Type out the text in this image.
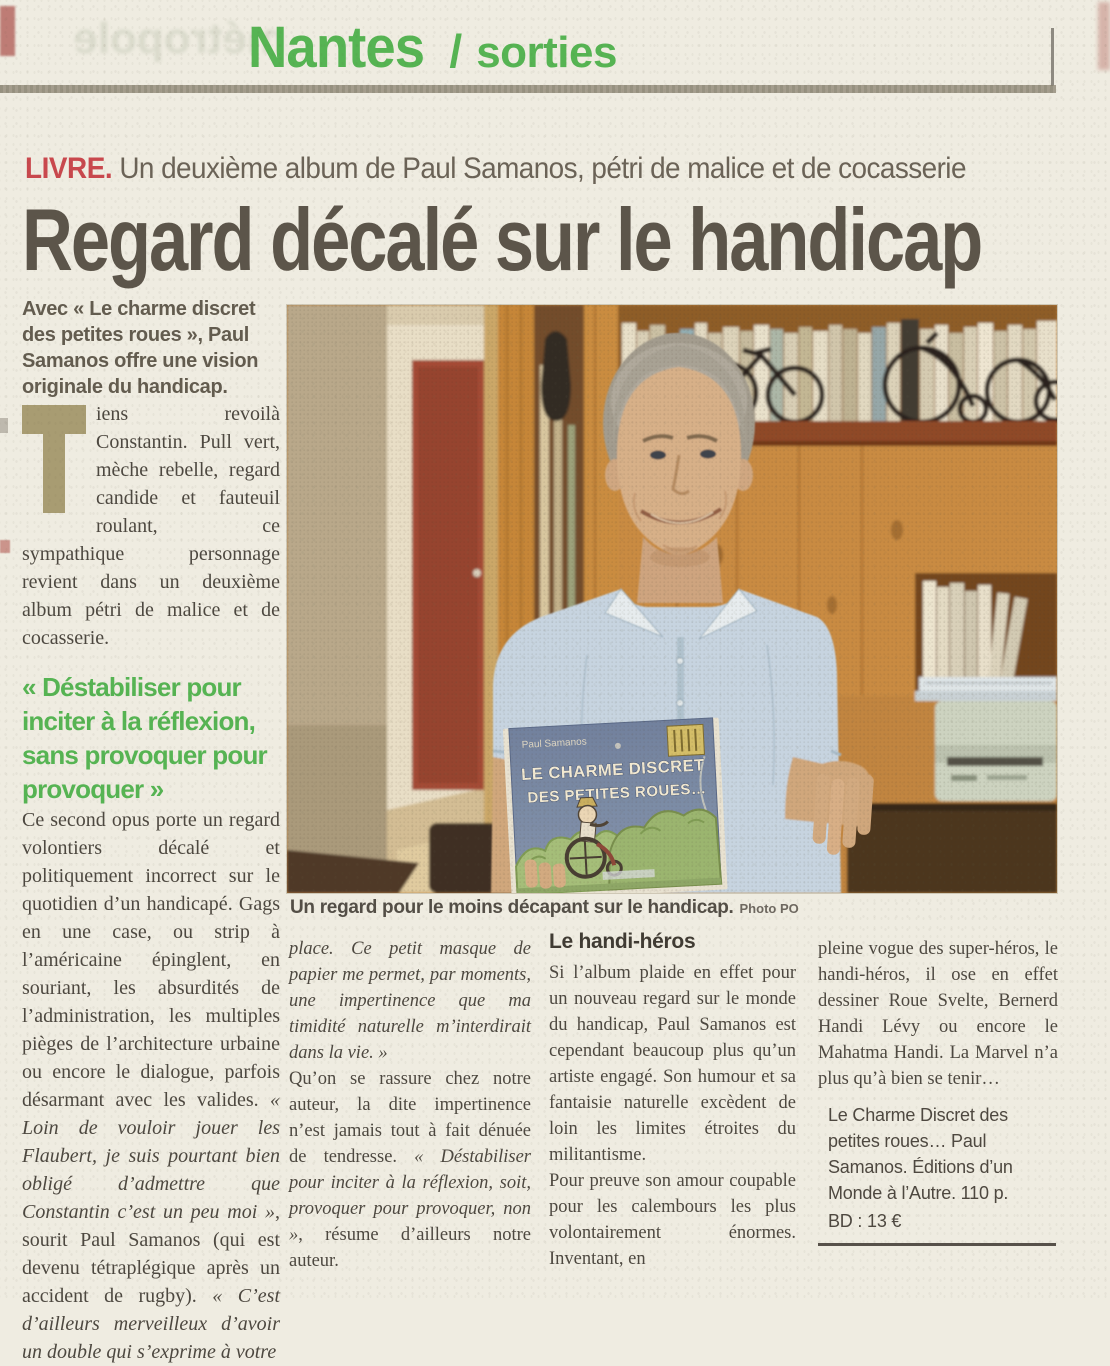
métropole
Nantes / sorties
LIVRE. Un deuxième album de Paul Samanos, pétri de malice et de cocasserie
Regard décalé sur le handicap
Avec « Le charme discret des petites roues », Paul Samanos offre une vision originale du handicap.

iens revoilà Constantin. Pull vert, mèche rebelle, regard candide et fauteuil roulant, ce sympathique personnage revient dans un deuxième album pétri de malice et de cocasserie.

« Déstabiliser pour inciter à la réflexion, sans provoquer pour provoquer »

Ce second opus porte un regard volontiers décalé et politiquement incorrect sur le quotidien d’un handicapé. Gags en une case, ou strip à l’américaine épinglent, en souriant, les absurdités de l’administration, les multiples pièges de l’architecture urbaine ou encore le dialogue, parfois désarmant avec les valides. « Loin de vouloir jouer les Flaubert, je suis pourtant bien obligé d’admettre que Constantin c’est un peu moi », sourit Paul Samanos (qui est devenu tétraplégique après un accident de rugby). « C’est d’ailleurs merveilleux d’avoir un double qui s’exprime à votre

Un regard pour le moins décapant sur le handicap. Photo PO

place. Ce petit masque de papier me permet, par moments, une impertinence que ma timidité naturelle m’interdirait dans la vie. »

Qu’on se rassure chez notre auteur, la dite impertinence n’est jamais tout à fait dénuée de tendresse. « Déstabiliser pour inciter à la réflexion, soit, provoquer pour provoquer, non », résume d’ailleurs notre auteur.

Le handi-héros

Si l’album plaide en effet pour un nouveau regard sur le monde du handicap, Paul Samanos est cependant beaucoup plus qu’un artiste engagé. Son humour et sa fantaisie naturelle excèdent de loin les limites étroites du militantisme.

Pour preuve son amour coupable pour les calembours les plus volontairement énormes. Inventant, en

pleine vogue des super-héros, le handi-héros, il ose en effet dessiner Roue Svelte, Bernerd Handi Lévy ou encore le Mahatma Handi. La Marvel n’a plus qu’à bien se tenir…

Le Charme Discret des petites roues… Paul Samanos. Éditions d’un Monde à l’Autre. 110 p.
BD : 13 €
